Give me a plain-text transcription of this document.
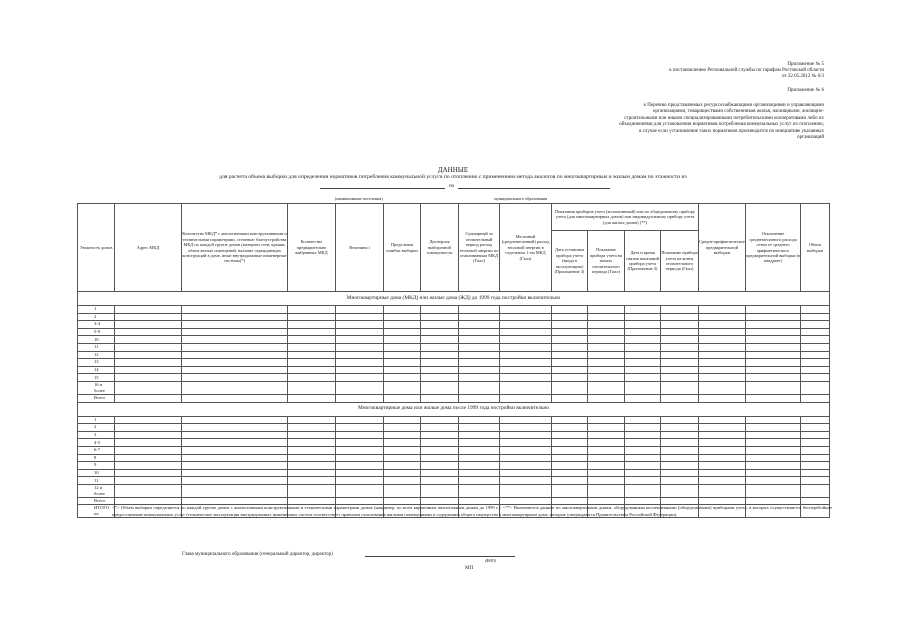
Приложение № 5
к постановлению Региональной службы по тарифам Ростовской области
от 22.05.2012 № 6/3
Приложение № 6
к Перечню представляемых ресурсоснабжающими организациями и управляющими
организациями, товариществами собственников жилья, жилищными, жилищно-
строительными или иными специализированными потребительскими кооперативами либо их
объединениями для установления нормативов потребления коммунальных услуг по отоплению,
в случае если установление таких нормативов производится по инициативе указанных
организаций
ДАННЫЕ
для расчета объема выборки для определения нормативов потребления коммунальной услуги по отоплению с применением метода аналогов по многоквартирным и жилым домам по этажности из
по
(наименование поселения)	муниципального образования
Этажность домов	Адрес МКД	Количество МКД* с аналогичными конструктивными и техническими параметрами, степенью благоустройства МКД по каждой группе домов (материал стен, крыши, объем жилых помещений, наличие ограждающих конструкций в доме, иные внутридомовые инженерные системы(*)	Количество предварительно выбранных МКД	Величина t	Предельная ошибка выборки	Дисперсия выборочной совокупности	Суммарный за отопительный период расход тепловой энергии по отапливаемым МКД (Гкал)	Месячный (среднемесячный) расход тепловой энергии в отдельном 1-ом МКД (Гкал)	Показания приборов учета (коллективный) или по общедомовому прибору учета (для многоквартирных домов) или индивидуальному прибору учета (для жилых домов) (**)				Средне-арифметическое предварительной выборки	Отклонение среднемесячного расхода сетки от среднего арифметического предварительной выборки (в квадрате)	Объем выборки
									Дата установки прибора учета (ввода в эксплуатацию) (Приложение 3)	Показание прибора учета на начало отопительного периода (Гкал)	Дата и время снятия показаний прибора учета (Приложение 3)	Показание прибора учета на конец отопительного периода (Гкал)			
Многоквартирные дома (МКД) или жилые дома (ЖД) до 1999 года постройки включительно															
1															
2															
3-4															
5-9															
10															
11															
12															
13															
14															
15															
16 и более															
Всего															
Многоквартирные дома или жилые дома после 1999 года постройки включительно															
1															
2															
3															
4-5															
6-7															
8															
9															
10															
11															
12 и более															
Всего															
ИТОГО по															
<*> Объем выборки определяется по каждой группе домов с аналогичными конструктивными и техническими параметрами домов (например, по всем кирпичным пятиэтажным домам до 1999 г.); <**> Включаются данные по многоквартирным домам, оборудованным коллективными (общедомовыми) приборами учета, в которых осуществляется бесперебойное предоставление коммунальных услуг (техническое эксплуатация внутридомовых инженерных систем соответствует правилам пользования жилыми помещениями и содержания общего имущества в многоквартирном доме, которые утверждаются Правительством Российской Федерации).
Глава муниципального образования (генеральный директор, директор)
(ФИО)
МП
